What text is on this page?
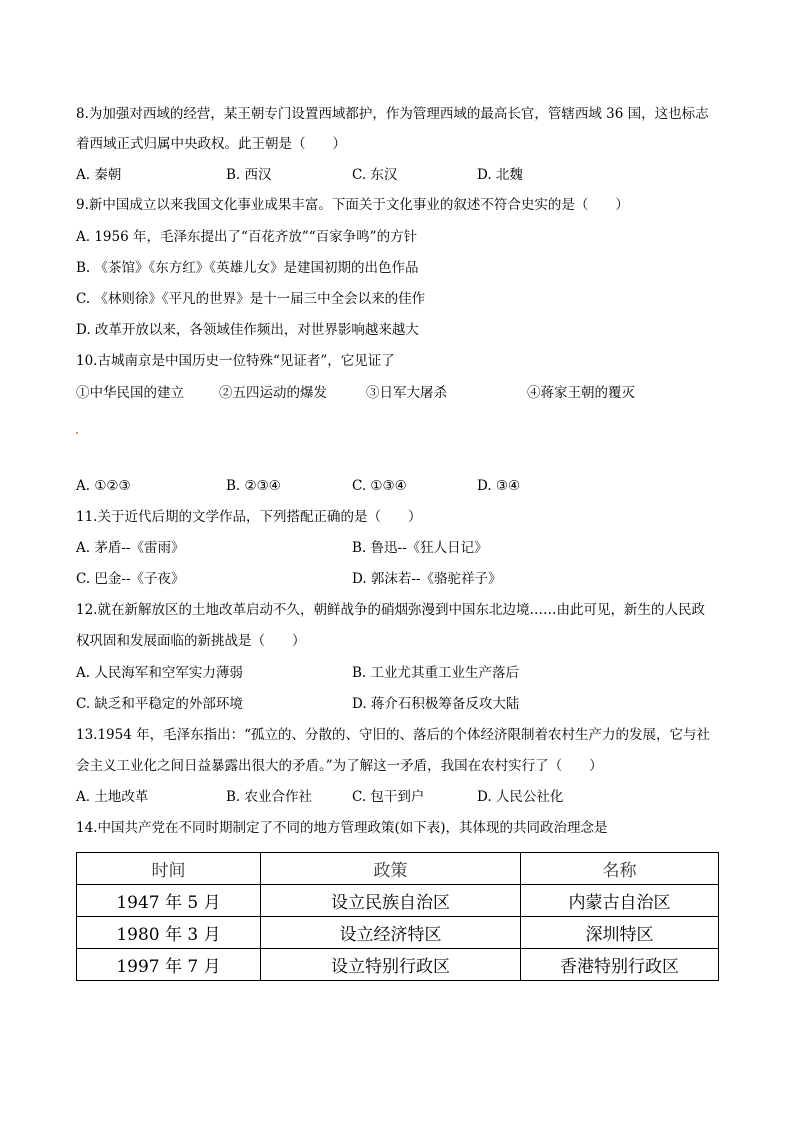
8.为加强对西域的经营，某王朝专门设置西域都护，作为管理西域的最高长官，管辖西域 36 国，这也标志
着西域正式归属中央政权。此王朝是（　　）
A. 秦朝	B. 西汉	C. 东汉	D. 北魏
9.新中国成立以来我国文化事业成果丰富。下面关于文化事业的叙述不符合史实的是（　　）
A. 1956 年，毛泽东提出了“百花齐放”“百家争鸣”的方针
B. 《茶馆》《东方红》《英雄儿女》是建国初期的出色作品
C. 《林则徐》《平凡的世界》是十一届三中全会以来的佳作
D. 改革开放以来，各领域佳作频出，对世界影响越来越大
10.古城南京是中国历史一位特殊“见证者”，它见证了
①中华民国的建立	②五四运动的爆发	③日军大屠杀	④蒋家王朝的覆灭
A. ①②③	B. ②③④	C. ①③④	D. ③④
11.关于近代后期的文学作品，下列搭配正确的是（　　）
A. 茅盾--《雷雨》	B. 鲁迅--《狂人日记》
C. 巴金--《子夜》	D. 郭沫若--《骆驼祥子》
12.就在新解放区的土地改革启动不久，朝鲜战争的硝烟弥漫到中国东北边境……由此可见，新生的人民政
权巩固和发展面临的新挑战是（　　）
A. 人民海军和空军实力薄弱	B. 工业尤其重工业生产落后
C. 缺乏和平稳定的外部环境	D. 蒋介石积极筹备反攻大陆
13.1954 年，毛泽东指出：“孤立的、分散的、守旧的、落后的个体经济限制着农村生产力的发展，它与社
会主义工业化之间日益暴露出很大的矛盾。”为了解这一矛盾，我国在农村实行了（　　）
A. 土地改革	B. 农业合作社	C. 包干到户	D. 人民公社化
14.中国共产党在不同时期制定了不同的地方管理政策(如下表)，其体现的共同政治理念是
时间	政策	名称
1947 年 5 月	设立民族自治区	内蒙古自治区
1980 年 3 月	设立经济特区	深圳特区
1997 年 7 月	设立特别行政区	香港特别行政区
